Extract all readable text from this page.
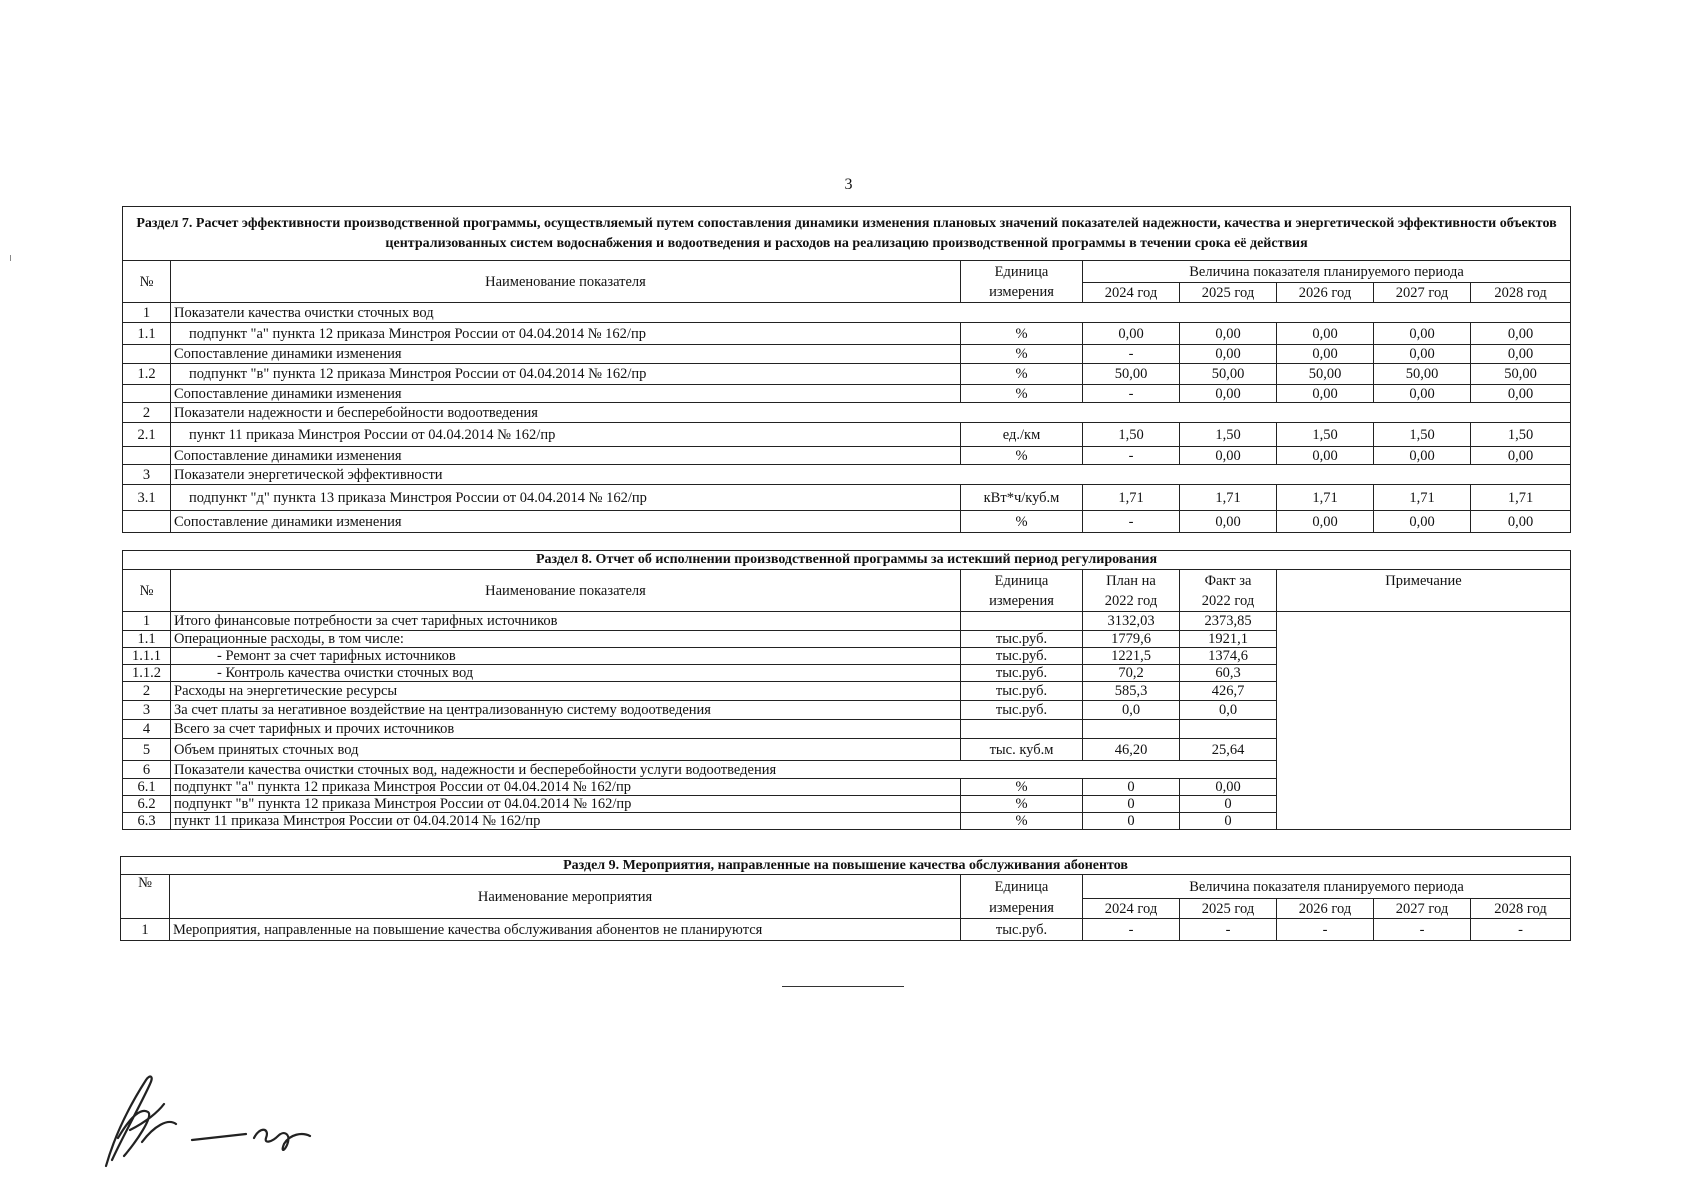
3
Раздел 7. Расчет эффективности производственной программы, осуществляемый путем сопоставления динамики изменения плановых значений показателей надежности, качества и энергетической эффективности объектов централизованных систем водоснабжения и водоотведения и расходов на реализацию производственной программы в течении срока её действия							
№	Наименование показателя	Единица	Величина показателя планируемого периода				
		измерения	2024 год	2025 год	2026 год	2027 год	2028 год
1	Показатели качества очистки сточных вод						
1.1	подпункт "а" пункта 12 приказа Минстроя России от 04.04.2014 № 162/пр	%	0,00	0,00	0,00	0,00	0,00
	Сопоставление динамики изменения	%	-	0,00	0,00	0,00	0,00
1.2	подпункт "в" пункта 12 приказа Минстроя России от 04.04.2014 № 162/пр	%	50,00	50,00	50,00	50,00	50,00
	Сопоставление динамики изменения	%	-	0,00	0,00	0,00	0,00
2	Показатели надежности и бесперебойности водоотведения						
2.1	пункт 11 приказа Минстроя России от 04.04.2014 № 162/пр	ед./км	1,50	1,50	1,50	1,50	1,50
	Сопоставление динамики изменения	%	-	0,00	0,00	0,00	0,00
3	Показатели энергетической эффективности						
3.1	подпункт "д" пункта 13 приказа Минстроя России от 04.04.2014 № 162/пр	кВт*ч/куб.м	1,71	1,71	1,71	1,71	1,71
	Сопоставление динамики изменения	%	-	0,00	0,00	0,00	0,00
Раздел 8. Отчет об исполнении производственной программы за истекший период регулирования					
№	Наименование показателя	Единица	План на	Факт за	Примечание
		измерения	2022 год	2022 год	
1	Итого финансовые потребности за счет тарифных источников		3132,03	2373,85	
1.1	Операционные расходы, в том числе:	тыс.руб.	1779,6	1921,1	
1.1.1	- Ремонт за счет тарифных источников	тыс.руб.	1221,5	1374,6	
1.1.2	- Контроль качества очистки сточных вод	тыс.руб.	70,2	60,3	
2	Расходы на энергетические ресурсы	тыс.руб.	585,3	426,7	
3	За счет платы за негативное воздействие на централизованную систему водоотведения	тыс.руб.	0,0	0,0	
4	Всего за счет тарифных и прочих источников				
5	Объем принятых сточных вод	тыс. куб.м	46,20	25,64	
6	Показатели качества очистки сточных вод, надежности и бесперебойности услуги водоотведения				
6.1	подпункт "а" пункта 12 приказа Минстроя России от 04.04.2014 № 162/пр	%	0	0,00	
6.2	подпункт "в" пункта 12 приказа Минстроя России от 04.04.2014 № 162/пр	%	0	0	
6.3	пункт 11 приказа Минстроя России от 04.04.2014 № 162/пр	%	0	0	
Раздел 9. Мероприятия, направленные на повышение качества обслуживания абонентов							
№	Наименование мероприятия	Единица	Величина показателя планируемого периода				
		измерения	2024 год	2025 год	2026 год	2027 год	2028 год
1	Мероприятия, направленные на повышение качества обслуживания абонентов не планируются	тыс.руб.	-	-	-	-	-
